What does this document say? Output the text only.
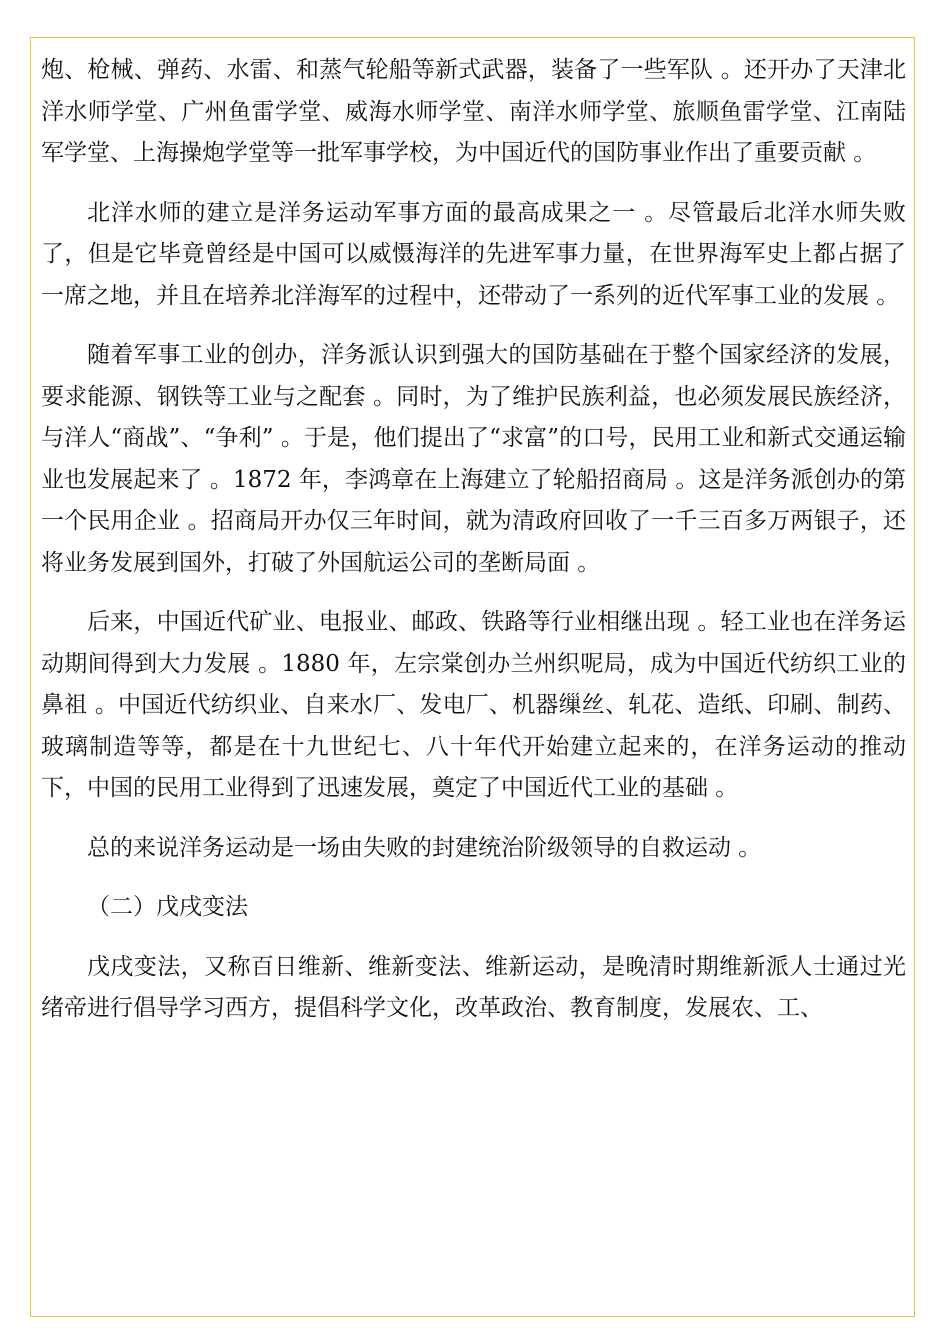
炮、枪械、弹药、水雷、和蒸气轮船等新式武器，装备了一些军队 。还开办了天津北洋水师学堂、广州鱼雷学堂、威海水师学堂、南洋水师学堂、旅顺鱼雷学堂、江南陆军学堂、上海操炮学堂等一批军事学校，为中国近代的国防事业作出了重要贡献 。

北洋水师的建立是洋务运动军事方面的最高成果之一 。尽管最后北洋水师失败了，但是它毕竟曾经是中国可以威慑海洋的先进军事力量，在世界海军史上都占据了一席之地，并且在培养北洋海军的过程中，还带动了一系列的近代军事工业的发展 。

随着军事工业的创办，洋务派认识到强大的国防基础在于整个国家经济的发展，要求能源、钢铁等工业与之配套 。同时，为了维护民族利益，也必须发展民族经济，与洋人“商战”、“争利” 。于是，他们提出了“求富”的口号，民用工业和新式交通运输业也发展起来了 。1872 年，李鸿章在上海建立了轮船招商局 。这是洋务派创办的第一个民用企业 。招商局开办仅三年时间，就为清政府回收了一千三百多万两银子，还将业务发展到国外，打破了外国航运公司的垄断局面 。

后来，中国近代矿业、电报业、邮政、铁路等行业相继出现 。轻工业也在洋务运动期间得到大力发展 。1880 年，左宗棠创办兰州织呢局，成为中国近代纺织工业的鼻祖 。中国近代纺织业、自来水厂、发电厂、机器缫丝、轧花、造纸、印刷、制药、玻璃制造等等，都是在十九世纪七、八十年代开始建立起来的，在洋务运动的推动下，中国的民用工业得到了迅速发展，奠定了中国近代工业的基础 。

总的来说洋务运动是一场由失败的封建统治阶级领导的自救运动 。

（二）戊戌变法

戊戌变法，又称百日维新、维新变法、维新运动，是晚清时期维新派人士通过光绪帝进行倡导学习西方，提倡科学文化，改革政治、教育制度，发展农、工、
